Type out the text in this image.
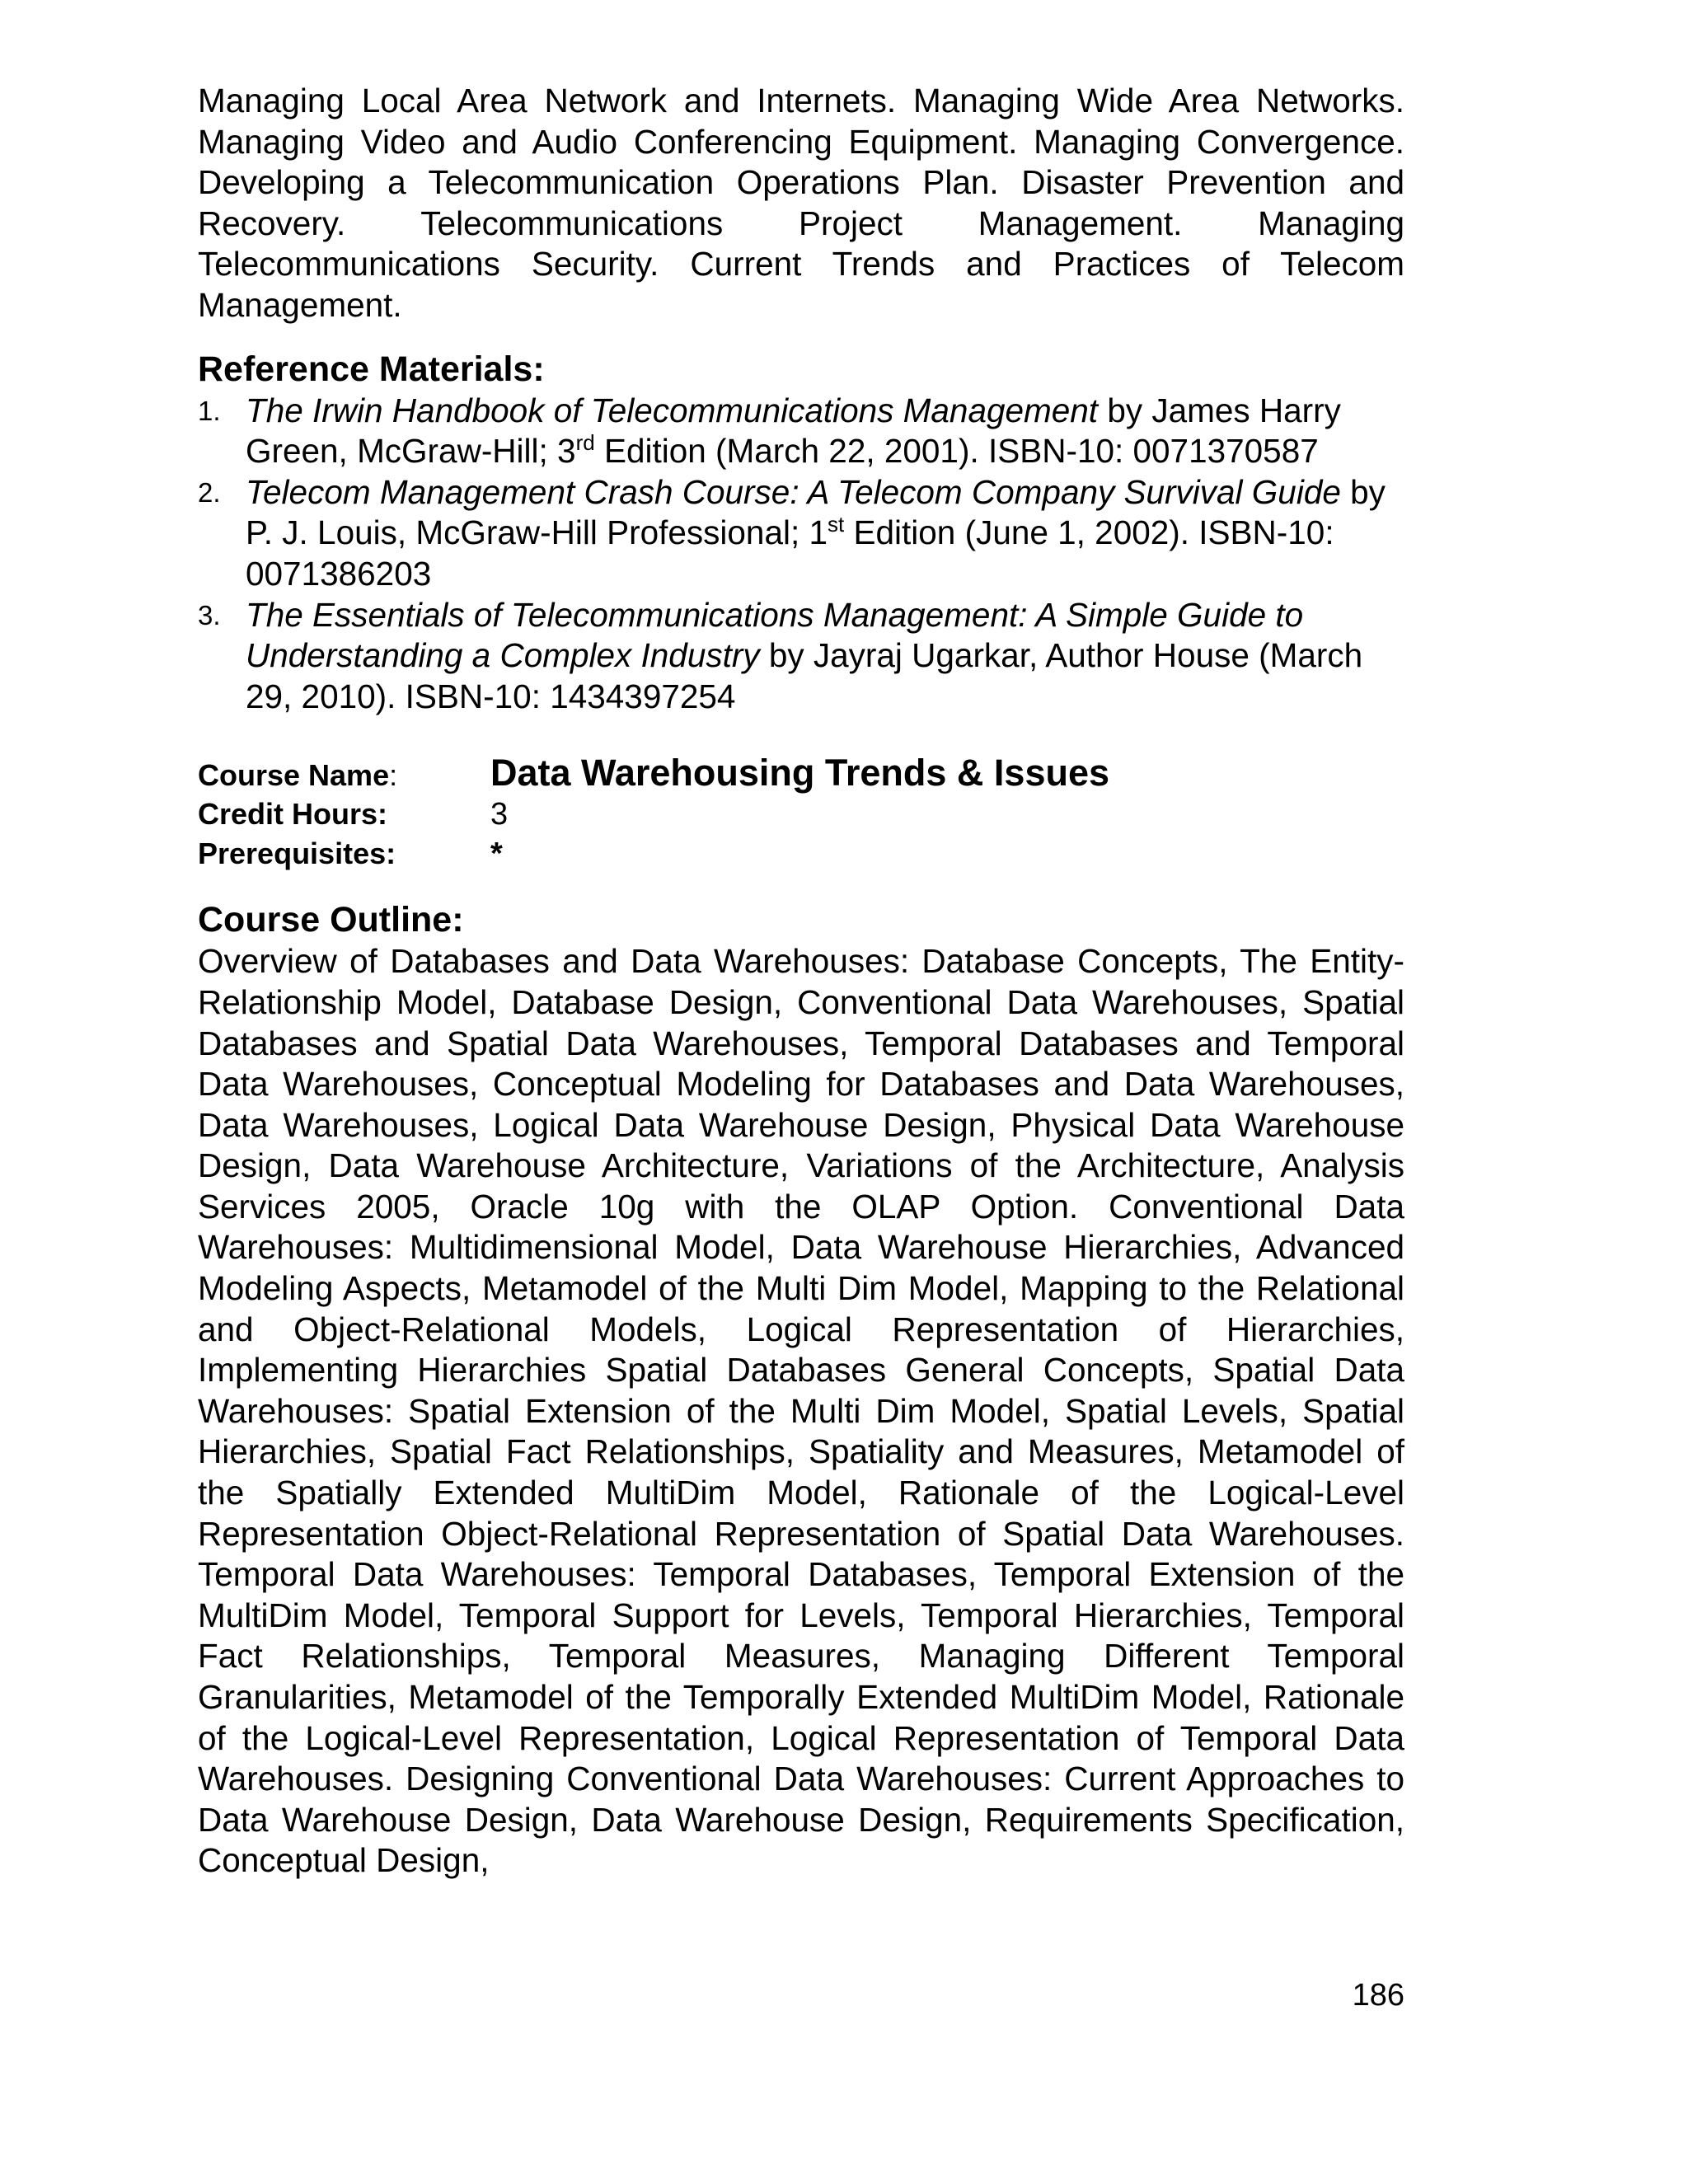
Managing Local Area Network and Internets. Managing Wide Area Networks. Managing Video and Audio Conferencing Equipment. Managing Convergence. Developing a Telecommunication Operations Plan. Disaster Prevention and Recovery. Telecommunications Project Management. Managing Telecommunications Security. Current Trends and Practices of Telecom Management.

Reference Materials:
1. The Irwin Handbook of Telecommunications Management by James Harry Green, McGraw-Hill; 3rd Edition (March 22, 2001). ISBN-10: 0071370587
2. Telecom Management Crash Course: A Telecom Company Survival Guide by P. J. Louis, McGraw-Hill Professional; 1st Edition (June 1, 2002). ISBN-10: 0071386203
3. The Essentials of Telecommunications Management: A Simple Guide to Understanding a Complex Industry by Jayraj Ugarkar, Author House (March 29, 2010). ISBN-10: 1434397254
Course Name:	Data Warehousing Trends & Issues
Credit Hours:	3
Prerequisites:	*
Course Outline:

Overview of Databases and Data Warehouses: Database Concepts, The Entity-Relationship Model, Database Design, Conventional Data Warehouses, Spatial Databases and Spatial Data Warehouses, Temporal Databases and Temporal Data Warehouses, Conceptual Modeling for Databases and Data Warehouses, Data Warehouses, Logical Data Warehouse Design, Physical Data Warehouse Design, Data Warehouse Architecture, Variations of the Architecture, Analysis Services 2005, Oracle 10g with the OLAP Option. Conventional Data Warehouses: Multidimensional Model, Data Warehouse Hierarchies, Advanced Modeling Aspects, Metamodel of the Multi Dim Model, Mapping to the Relational and Object-Relational Models, Logical Representation of Hierarchies, Implementing Hierarchies Spatial Databases General Concepts, Spatial Data Warehouses: Spatial Extension of the Multi Dim Model, Spatial Levels, Spatial Hierarchies, Spatial Fact Relationships, Spatiality and Measures, Metamodel of the Spatially Extended MultiDim Model, Rationale of the Logical-Level Representation Object-Relational Representation of Spatial Data Warehouses. Temporal Data Warehouses: Temporal Databases, Temporal Extension of the MultiDim Model, Temporal Support for Levels, Temporal Hierarchies, Temporal Fact Relationships, Temporal Measures, Managing Different Temporal Granularities, Metamodel of the Temporally Extended MultiDim Model, Rationale of the Logical-Level Representation, Logical Representation of Temporal Data Warehouses. Designing Conventional Data Warehouses: Current Approaches to Data Warehouse Design, Data Warehouse Design, Requirements Specification, Conceptual Design,

186
